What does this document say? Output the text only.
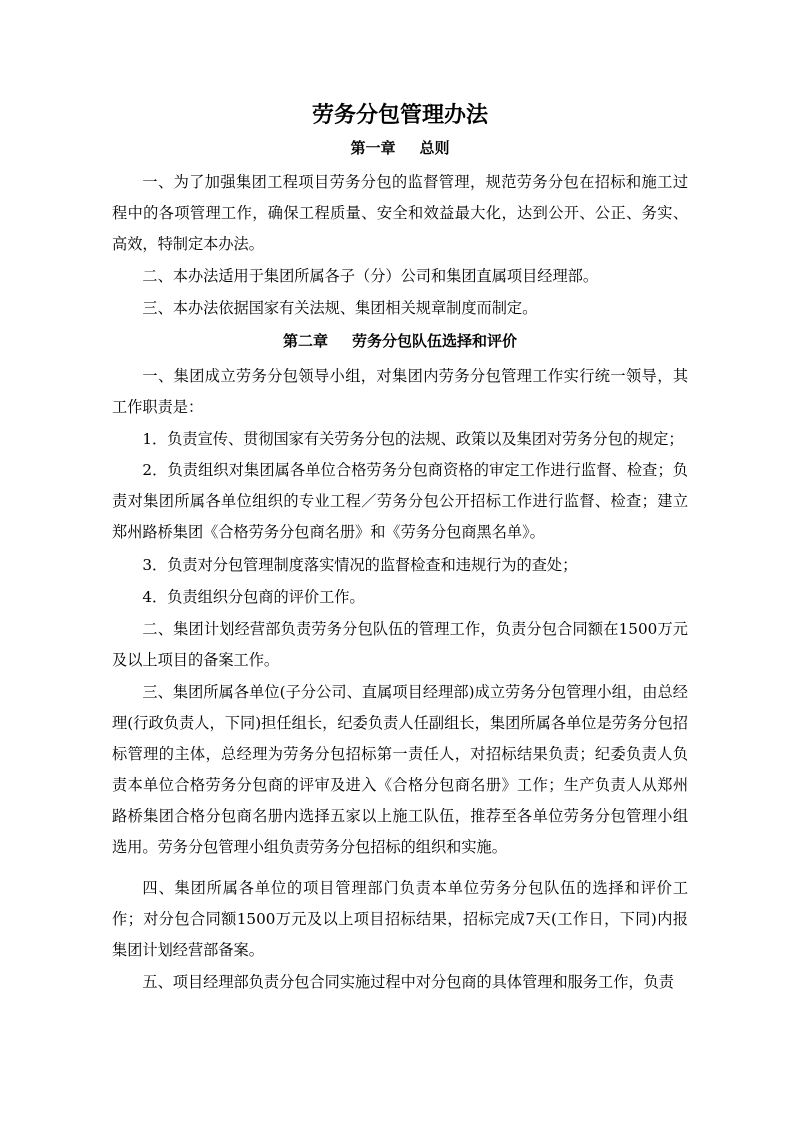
劳务分包管理办法
第一章 总则

一、为了加强集团工程项目劳务分包的监督管理，规范劳务分包在招标和施工过程中的各项管理工作，确保工程质量、安全和效益最大化，达到公开、公正、务实、高效，特制定本办法。

二、本办法适用于集团所属各子（分）公司和集团直属项目经理部。

三、本办法依据国家有关法规、集团相关规章制度而制定。

第二章 劳务分包队伍选择和评价

一、集团成立劳务分包领导小组，对集团内劳务分包管理工作实行统一领导，其工作职责是：

1．负责宣传、贯彻国家有关劳务分包的法规、政策以及集团对劳务分包的规定；

2．负责组织对集团属各单位合格劳务分包商资格的审定工作进行监督、检查；负责对集团所属各单位组织的专业工程／劳务分包公开招标工作进行监督、检查；建立郑州路桥集团《合格劳务分包商名册》和《劳务分包商黑名单》。

3．负责对分包管理制度落实情况的监督检查和违规行为的查处；

4．负责组织分包商的评价工作。

二、集团计划经营部负责劳务分包队伍的管理工作，负责分包合同额在1500万元及以上项目的备案工作。

三、集团所属各单位(子分公司、直属项目经理部)成立劳务分包管理小组，由总经理(行政负责人，下同)担任组长，纪委负责人任副组长，集团所属各单位是劳务分包招标管理的主体，总经理为劳务分包招标第一责任人，对招标结果负责；纪委负责人负责本单位合格劳务分包商的评审及进入《合格分包商名册》工作；生产负责人从郑州路桥集团合格分包商名册内选择五家以上施工队伍，推荐至各单位劳务分包管理小组选用。劳务分包管理小组负责劳务分包招标的组织和实施。

四、集团所属各单位的项目管理部门负责本单位劳务分包队伍的选择和评价工作；对分包合同额1500万元及以上项目招标结果，招标完成7天(工作日，下同)内报集团计划经营部备案。

五、项目经理部负责分包合同实施过程中对分包商的具体管理和服务工作，负责
